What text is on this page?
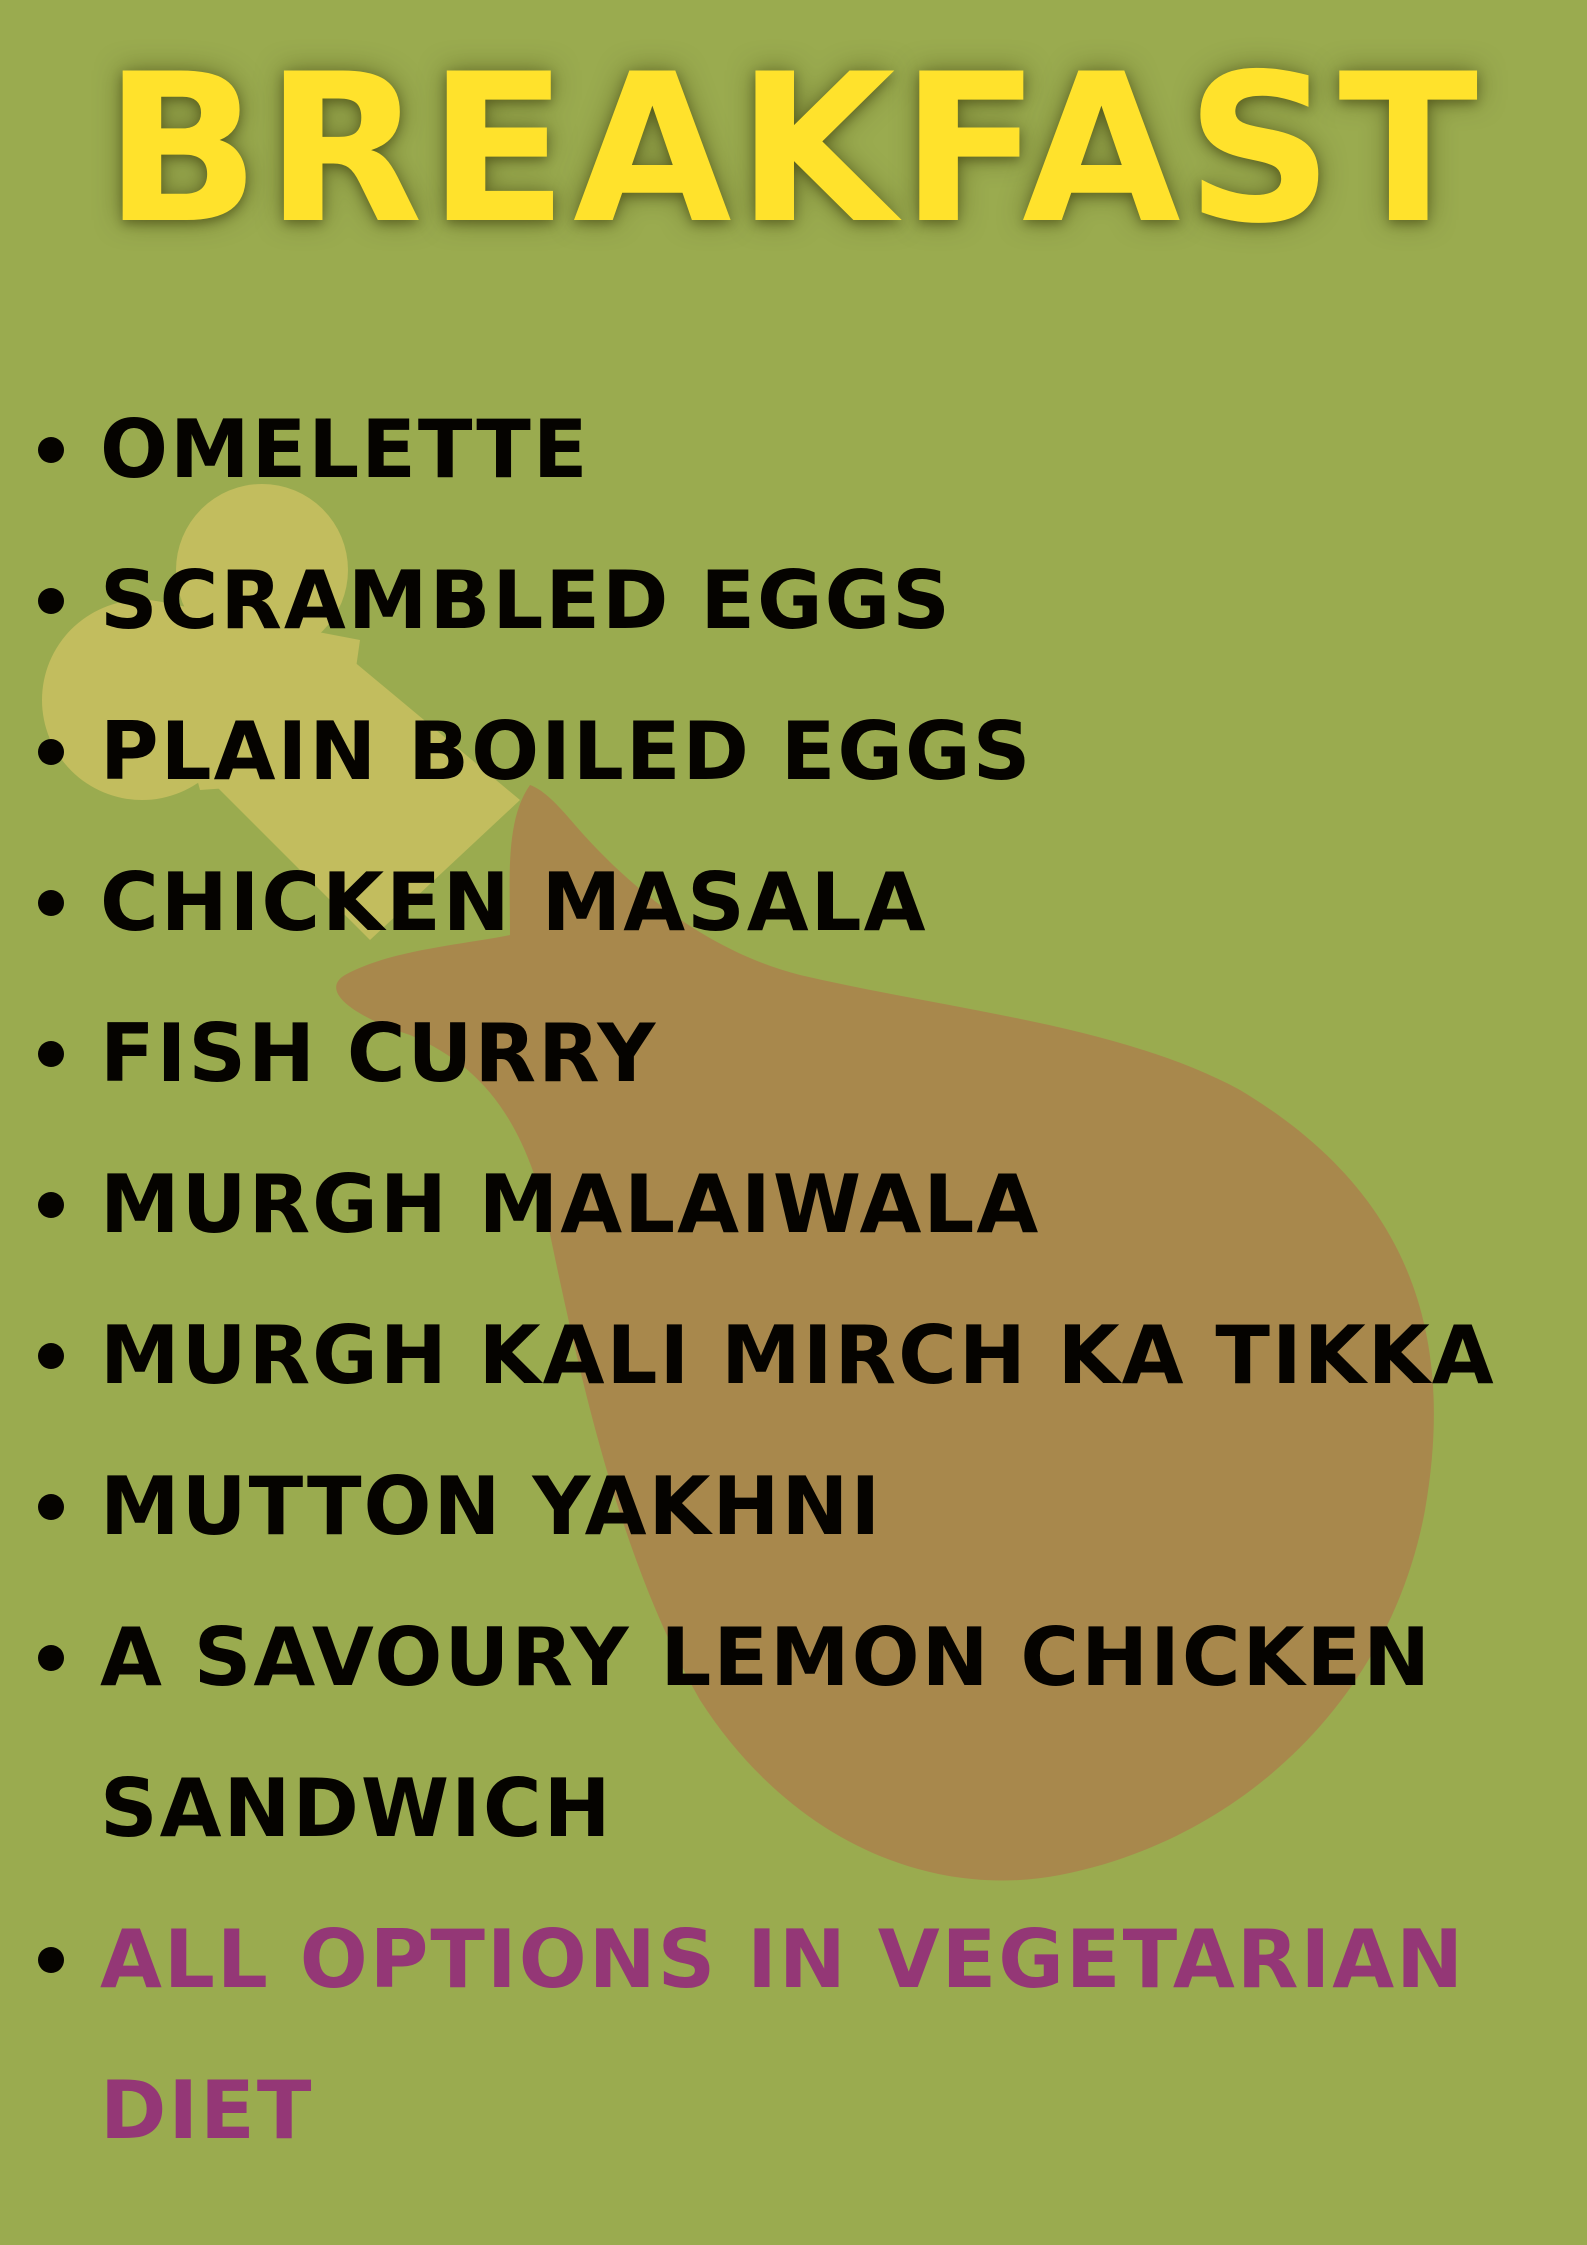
BREAKFAST
OMELETTE
SCRAMBLED EGGS
PLAIN BOILED EGGS
CHICKEN MASALA
FISH CURRY
MURGH MALAIWALA
MURGH KALI MIRCH KA TIKKA
MUTTON YAKHNI
A SAVOURY LEMON CHICKEN
SANDWICH
ALL OPTIONS IN VEGETARIAN
DIET
